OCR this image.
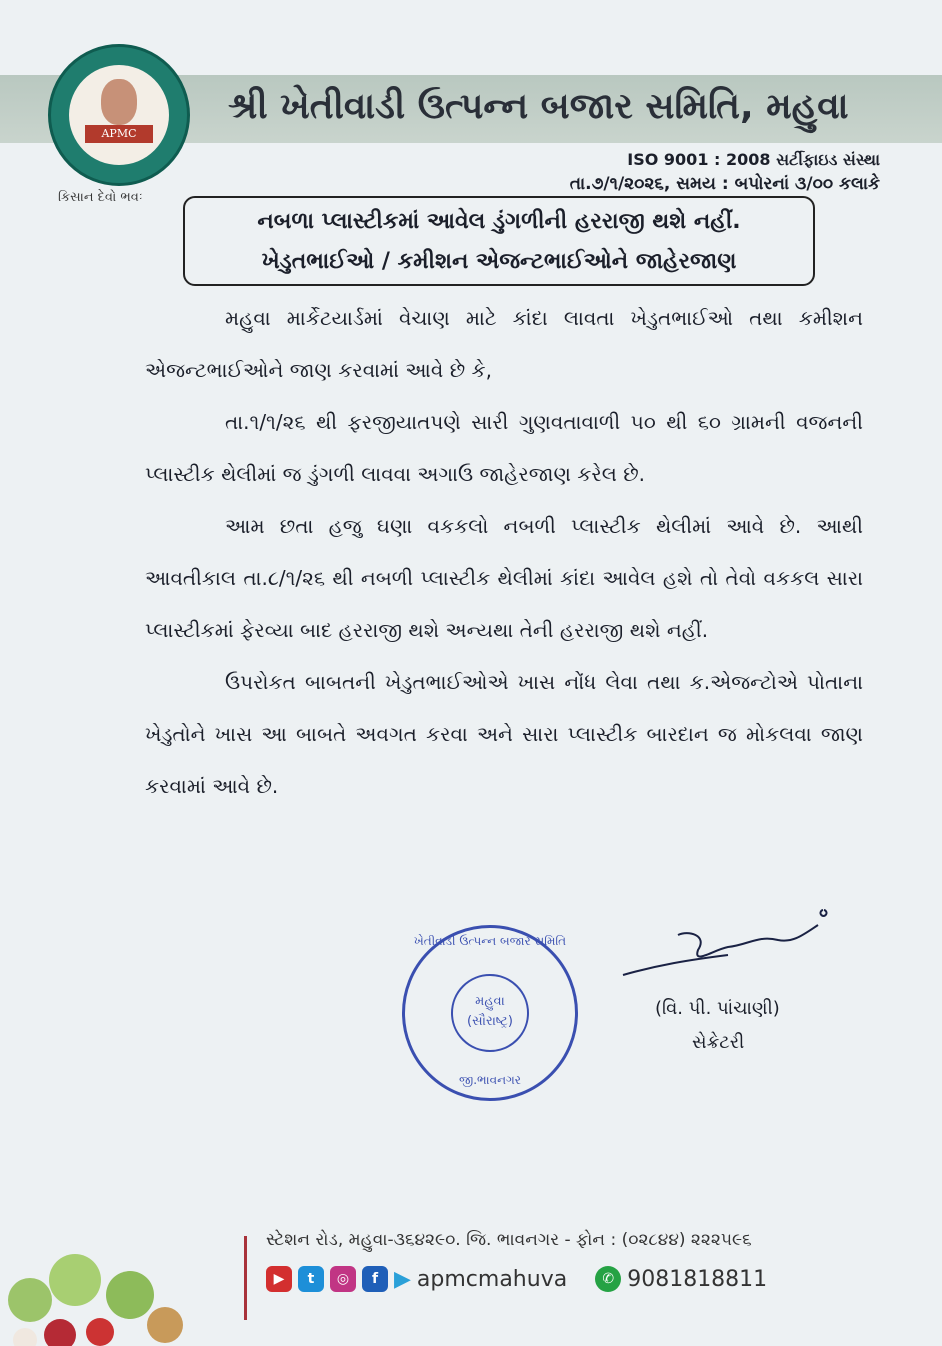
APMC
શ્રી ખેતીવાડી ઉત્પન્ન બજાર સમિતિ, મહુવા
ISO 9001 : 2008 સર્ટીફાઇડ સંસ્થા
તા.૭/૧/૨૦૨૬, સમય : બપોરનાં ૩/૦૦ કલાકે
કિસાન દેવો ભવઃ
નબળા પ્લાસ્ટીકમાં આવેલ ડુંગળીની હરરાજી થશે નહીં.
ખેડુતભાઈઓ / કમીશન એજન્ટભાઈઓને જાહેરજાણ

મહુવા માર્કેટયાર્ડમાં વેચાણ માટે કાંદા લાવતા ખેડુતભાઈઓ તથા કમીશન એજન્ટભાઈઓને જાણ કરવામાં આવે છે કે,

તા.૧/૧/૨૬ થી ફરજીયાતપણે સારી ગુણવતાવાળી ૫૦ થી ૬૦ ગ્રામની વજનની પ્લાસ્ટીક થેલીમાં જ ડુંગળી લાવવા અગાઉ જાહેરજાણ કરેલ છે.

આમ છતા હજુ ઘણા વકકલો નબળી પ્લાસ્ટીક થેલીમાં આવે છે. આથી આવતીકાલ તા.૮/૧/૨૬ થી નબળી પ્લાસ્ટીક થેલીમાં કાંદા આવેલ હશે તો તેવો વકકલ સારા પ્લાસ્ટીકમાં ફેરવ્યા બાદ હરરાજી થશે અન્યથા તેની હરરાજી થશે નહીં.

ઉપરોકત બાબતની ખેડુતભાઈઓએ ખાસ નોંધ લેવા તથા ક.એજન્ટોએ પોતાના ખેડુતોને ખાસ આ બાબતે અવગત કરવા અને સારા પ્લાસ્ટીક બારદાન જ મોકલવા જાણ કરવામાં આવે છે.

ખેતીવાડી ઉત્પન્ન બજાર સમિતિ
મહુવા (સૌરાષ્ટ્ર)
જી.ભાવનગર
(વિ. પી. પાંચાણી)
સેક્રેટરી
સ્ટેશન રોડ, મહુવા-૩૬૪૨૯૦. જિ. ભાવનગર - ફોન : (૦૨૮૪૪) ૨૨૨૫૯૬
▶	t	◎	f ▶ apmcmahuva	✆ 9081818811
